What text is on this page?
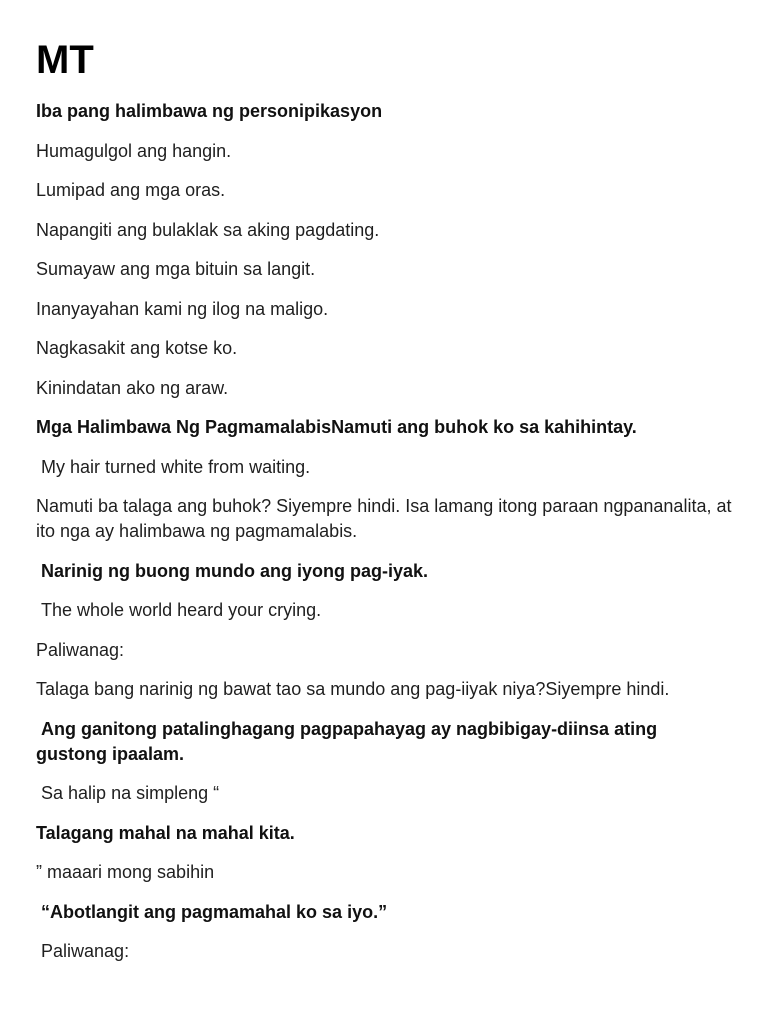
MT

Iba pang halimbawa ng personipikasyon

Humagulgol ang hangin.

Lumipad ang mga oras.

Napangiti ang bulaklak sa aking pagdating.

Sumayaw ang mga bituin sa langit.

Inanyayahan kami ng ilog na maligo.

Nagkasakit ang kotse ko.

Kinindatan ako ng araw.

Mga Halimbawa Ng PagmamalabisNamuti ang buhok ko sa kahihintay.

My hair turned white from waiting.

Namuti ba talaga ang buhok? Siyempre hindi. Isa lamang itong paraan ngpananalita, at ito nga ay halimbawa ng pagmamalabis.

Narinig ng buong mundo ang iyong pag-iyak.

The whole world heard your crying.

Paliwanag:

Talaga bang narinig ng bawat tao sa mundo ang pag-iiyak niya?Siyempre hindi.

Ang ganitong patalinghagang pagpapahayag ay nagbibigay-diinsa ating gustong ipaalam.

Sa halip na simpleng “

Talagang mahal na mahal kita.

” maaari mong sabihin

“Abotlangit ang pagmamahal ko sa iyo.”

Paliwanag:
